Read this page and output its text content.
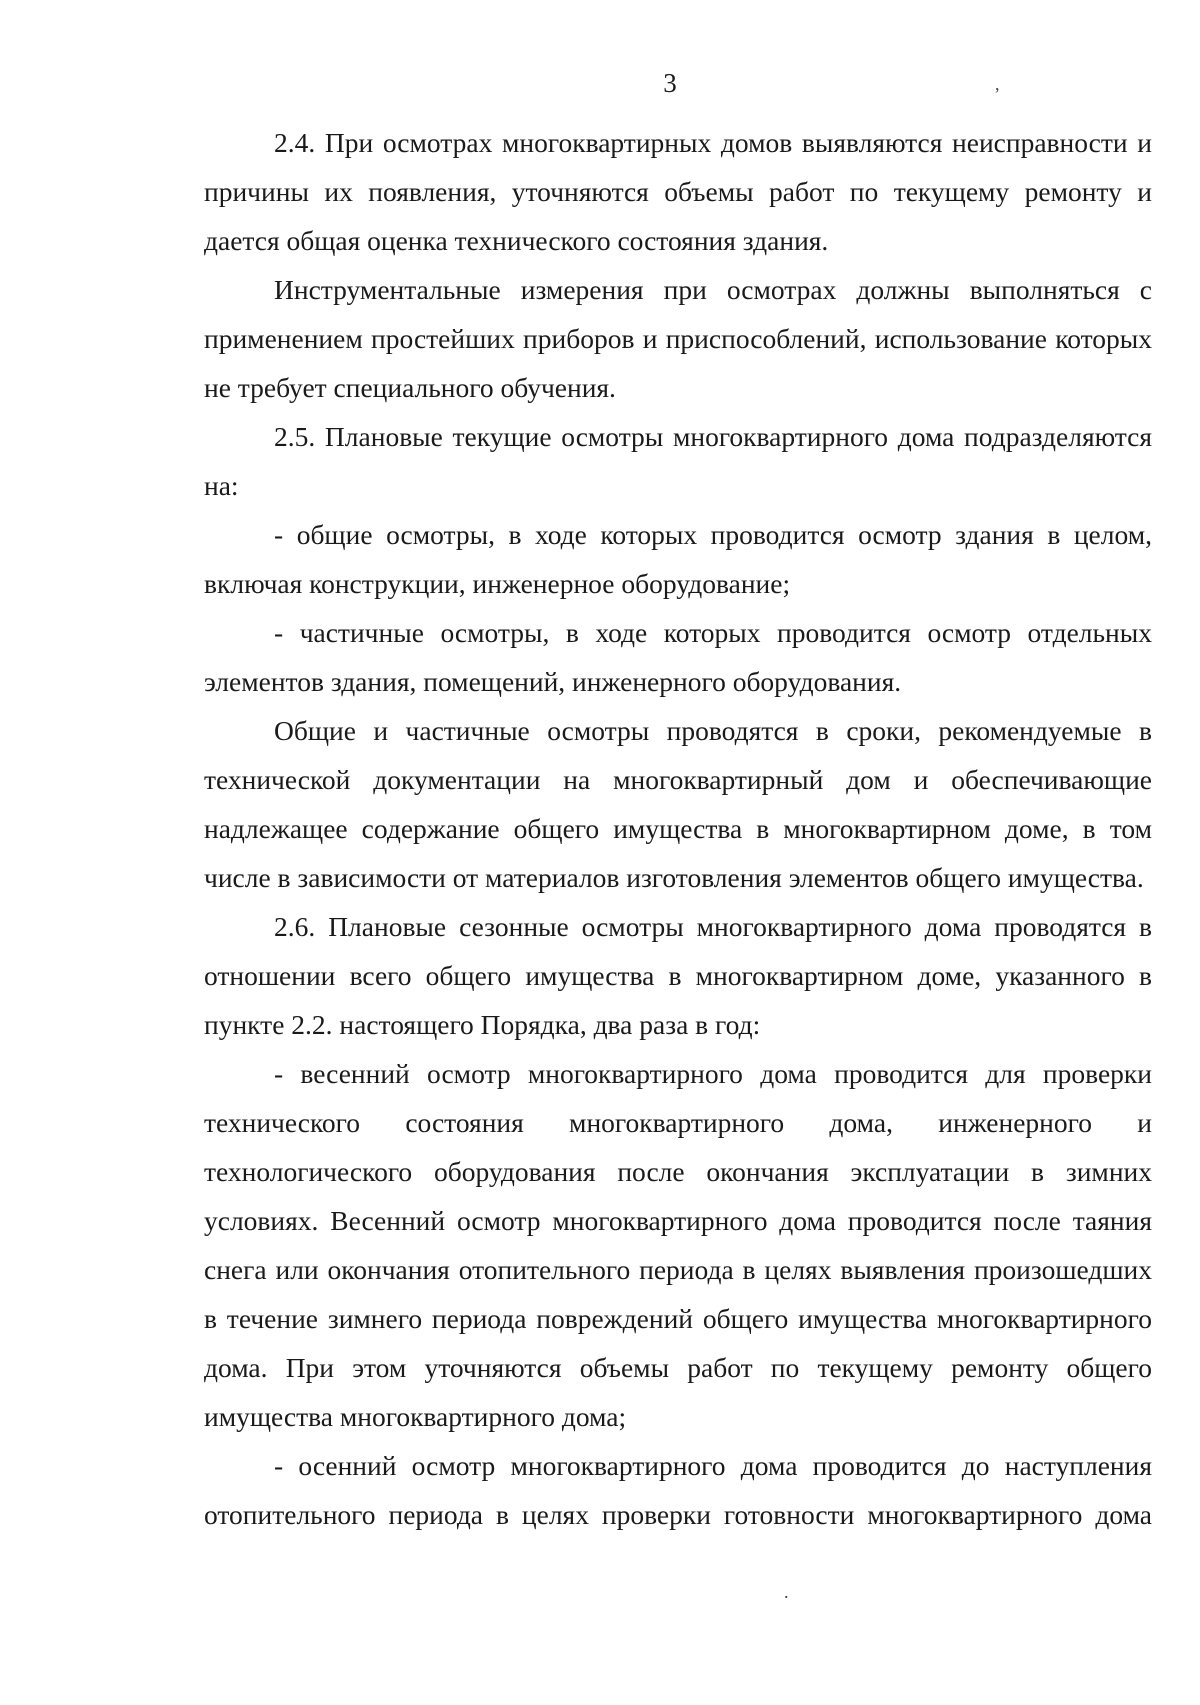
3	,
.

2.4. При осмотрах многоквартирных домов выявляются неисправности и причины их появления, уточняются объемы работ по текущему ремонту и дается общая оценка технического состояния здания.

Инструментальные измерения при осмотрах должны выполняться с применением простейших приборов и приспособлений, использование которых не требует специального обучения.

2.5. Плановые текущие осмотры многоквартирного дома подразделяются на:

- общие осмотры, в ходе которых проводится осмотр здания в целом, включая конструкции, инженерное оборудование;

- частичные осмотры, в ходе которых проводится осмотр отдельных элементов здания, помещений, инженерного оборудования.

Общие и частичные осмотры проводятся в сроки, рекомендуемые в технической документации на многоквартирный дом и обеспечивающие надлежащее содержание общего имущества в многоквартирном доме, в том числе в зависимости от материалов изготовления элементов общего имущества.

2.6. Плановые сезонные осмотры многоквартирного дома проводятся в отношении всего общего имущества в многоквартирном доме, указанного в пункте 2.2. настоящего Порядка, два раза в год:

- весенний осмотр многоквартирного дома проводится для проверки технического состояния многоквартирного дома, инженерного и технологического оборудования после окончания эксплуатации в зимних условиях. Весенний осмотр многоквартирного дома проводится после таяния снега или окончания отопительного периода в целях выявления произошедших в течение зимнего периода повреждений общего имущества многоквартирного дома. При этом уточняются объемы работ по текущему ремонту общего имущества многоквартирного дома;

- осенний осмотр многоквартирного дома проводится до наступления отопительного периода в целях проверки готовности многоквартирного дома
